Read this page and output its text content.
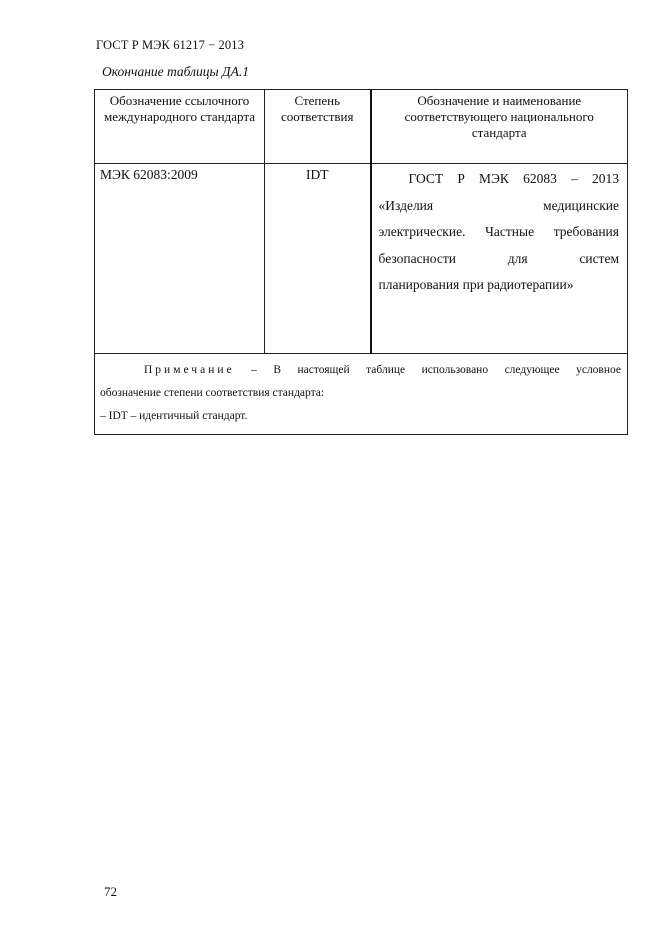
ГОСТ Р МЭК 61217 − 2013
Окончание таблицы ДА.1
Обозначение ссылочного международного стандарта	Степень соответствия	Обозначение и наименование соответствующего национального стандарта

МЭК 62083:2009	IDT	ГОСТ Р МЭК 62083 – 2013
«Изделия медицинские
электрические. Частные требования
безопасности для систем
планирования при радиотерапии»

Примечание – В настоящей таблице использовано следующее условное
обозначение степени соответствия стандарта:
– IDT – идентичный стандарт.		
72
